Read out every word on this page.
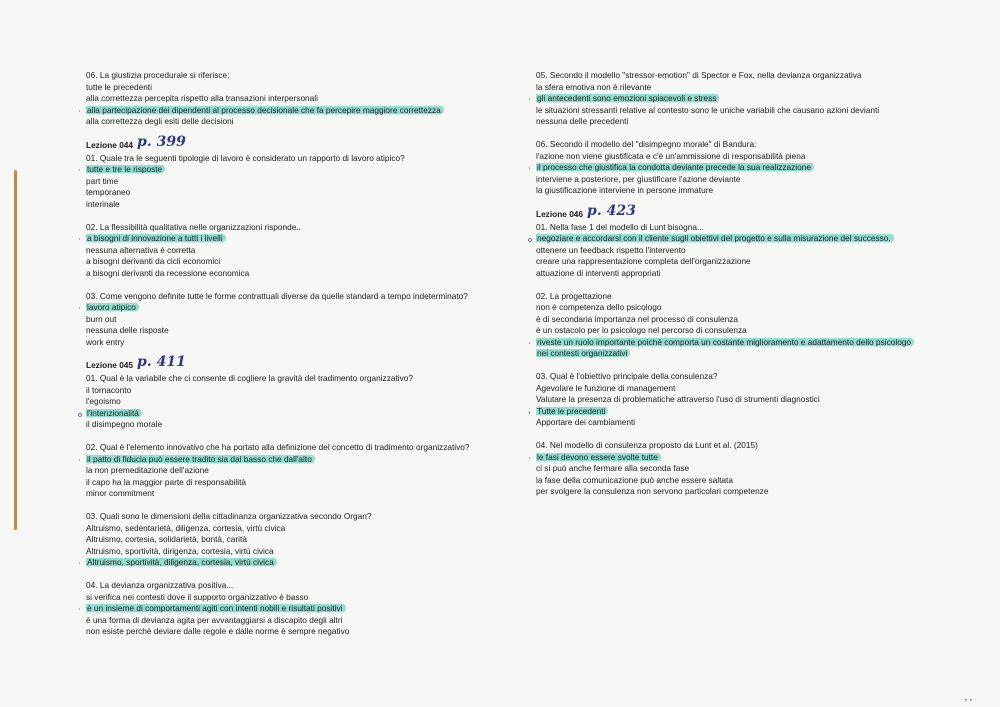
06. La giustizia procedurale si riferisce:
tutte le precedenti
alla correttezza percepita rispetto alla transazioni interpersonali
· alla partecipazione dei dipendenti al processo decisionale che fa percepire maggiore correttezza
alla correttezza degli esiti delle decisioni
Lezione 044 p. 399
01. Quale tra le seguenti tipologie di lavoro è considerato un rapporto di lavoro atipico?
· tutte e tre le risposte
part time
temporaneo
interinale
02. La flessibilità qualitativa nelle organizzazioni risponde..
· a bisogni di innovazione a tutti i livelli
nessuna alternativa è corretta
a bisogni derivanti da cicli economici
a bisogni derivanti da recessione economica
03. Come vengono definite tutte le forme contrattuali diverse da quelle standard a tempo indeterminato?
· lavoro atipico
burn out
nessuna delle risposte
work entry
Lezione 045 p. 411
01. Qual è la variabile che ci consente di cogliere la gravità del tradimento organizzativo?
il tornaconto
l'egoismo
o l'intenzionalità
il disimpegno morale
02. Qual è l'elemento innovativo che ha portato alla definizione del concetto di tradimento organizzativo?
· il patto di fiducia può essere tradito sia dal basso che dall'alto
la non premeditazione dell'azione
il capo ha la maggior parte di responsabilità
minor commitment
03. Quali sono le dimensioni della cittadinanza organizzativa secondo Organ?
Altruismo, sedentarietà, diligenza, cortesia, virtù civica
Altruismo, cortesia, solidarietà, bontà, carità
Altruismo, sportività, dirigenza, cortesia, virtù civica
· Altruismo, sportività, diligenza, cortesia, virtù civica
04. La devianza organizzativa positiva...
si verifica nei contesti dove il supporto organizzativo è basso
· è un insieme di comportamenti agiti con intenti nobili e risultati positivi
è una forma di devianza agita per avvantaggiarsi a discapito degli altri
non esiste perchè deviare dalle regole e dalle norme è sempre negativo
05. Secondo il modello "stressor-emotion" di Spector e Fox, nella devianza organizzativa
la sfera emotiva non è rilevante
· gli antecedenti sono emozioni spiacevoli e stress
le situazioni stressanti relative al contesto sono le uniche variabili che causano azioni devianti
nessuna delle precedenti
06. Secondo il modello del "disimpegno morale" di Bandura:
l'azione non viene giustificata e c'è un'ammissione di responsabilità piena
· il processo che giustifica la condotta deviante precede la sua realizzazione
interviene a posteriore, per giustificare l'azione deviante
la giustificazione interviene in persone immature
Lezione 046 p. 423
01. Nella fase 1 del modello di Lunt bisogna...
o negoziare e accordarsi con il cliente sugli obiettivi del progetto e sulla misurazione del successo.
ottenere un feedback rispetto l'intervento
creare una rappresentazione completa dell'organizzazione
attuazione di interventi appropriati
02. La progettazione
non è competenza dello psicologo
è di secondaria importanza nel processo di consulenza
è un ostacolo per lo psicologo nel percorso di consulenza
· riveste un ruolo importante poiché comporta un costante miglioramento e adattamento dello psicologo
nei contesti organizzativi
03. Qual è l'obiettivo principale della consulenza?
Agevolare le funzione di management
Valutare la presenza di problematiche attraverso l'uso di strumenti diagnostici
› Tutte le precedenti
Apportare dei cambiamenti
04. Nel modello di consulenza proposto da Lunt et al. (2015)
· le fasi devono essere svolte tutte
ci si può anche fermare alla seconda fase
la fase della comunicazione può anche essere saltata
per svolgere la consulenza non servono particolari competenze
‚ ‚
